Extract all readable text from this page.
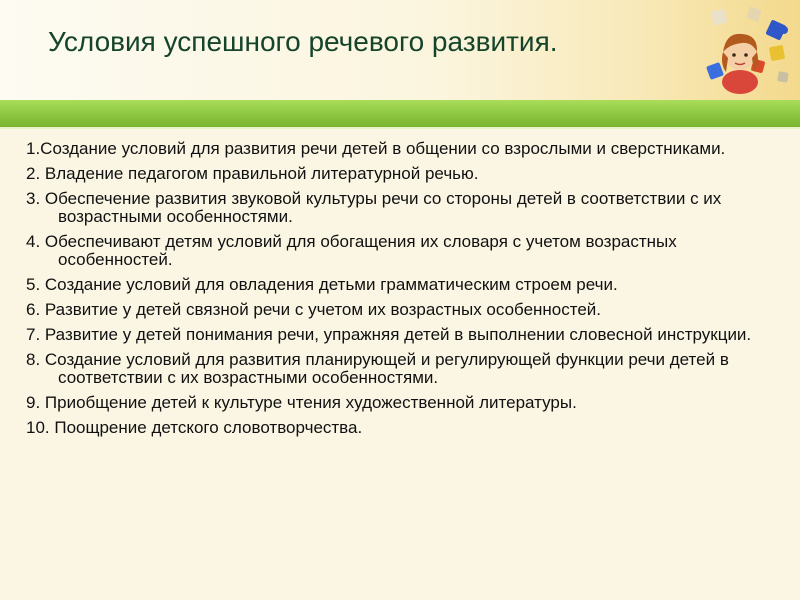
Условия успешного речевого развития.
1.Создание условий для развития речи детей в общении со взрослыми и сверстниками.
2. Владение педагогом правильной литературной речью.
3. Обеспечение развития звуковой культуры речи со стороны детей в соответствии с их возрастными особенностями.
4. Обеспечивают детям условий для обогащения их словаря с учетом возрастных особенностей.
5. Создание условий для овладения детьми грамматическим строем речи.
6. Развитие у детей связной речи с учетом их возрастных особенностей.
7. Развитие у детей понимания речи, упражняя детей в выполнении словесной инструкции.
8. Создание условий для развития планирующей и регулирующей функции речи детей в соответствии с их возрастными особенностями.
9. Приобщение детей к культуре чтения художественной литературы.
10. Поощрение детского словотворчества.
